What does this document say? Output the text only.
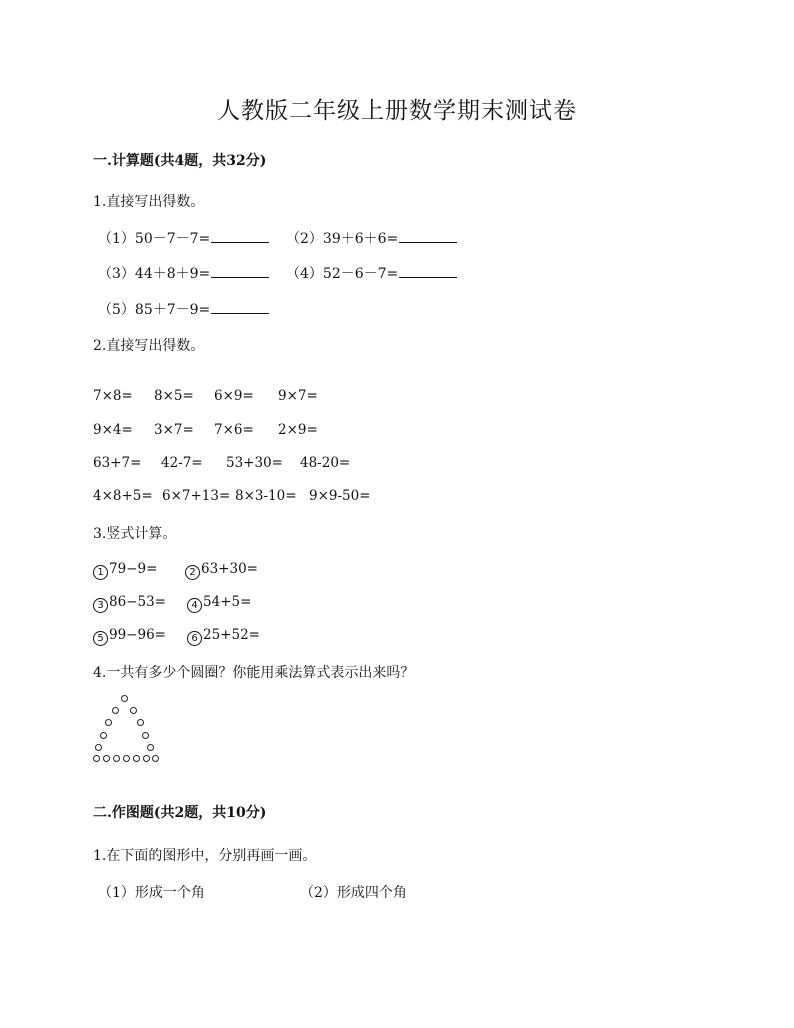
人教版二年级上册数学期末测试卷
一.计算题(共4题，共32分)
1.直接写出得数。
（1）50－7－7=	（2）39＋6＋6=
（3）44＋8＋9=	（4）52－6－7=
（5）85＋7－9=
2.直接写出得数。
7×8= 8×5= 6×9= 9×7=
9×4= 3×7= 7×6= 2×9=
63+7= 42-7= 53+30= 48-20=
4×8+5= 6×7+13= 8×3-10= 9×9-50=
3.竖式计算。
1 79−9=	2 63+30=
3 86−53=	4 54+5=
5 99−96=	6 25+52=
4.一共有多少个圆圈？你能用乘法算式表示出来吗？
二.作图题(共2题，共10分)
1.在下面的图形中，分别再画一画。
（1）形成一个角	（2）形成四个角
